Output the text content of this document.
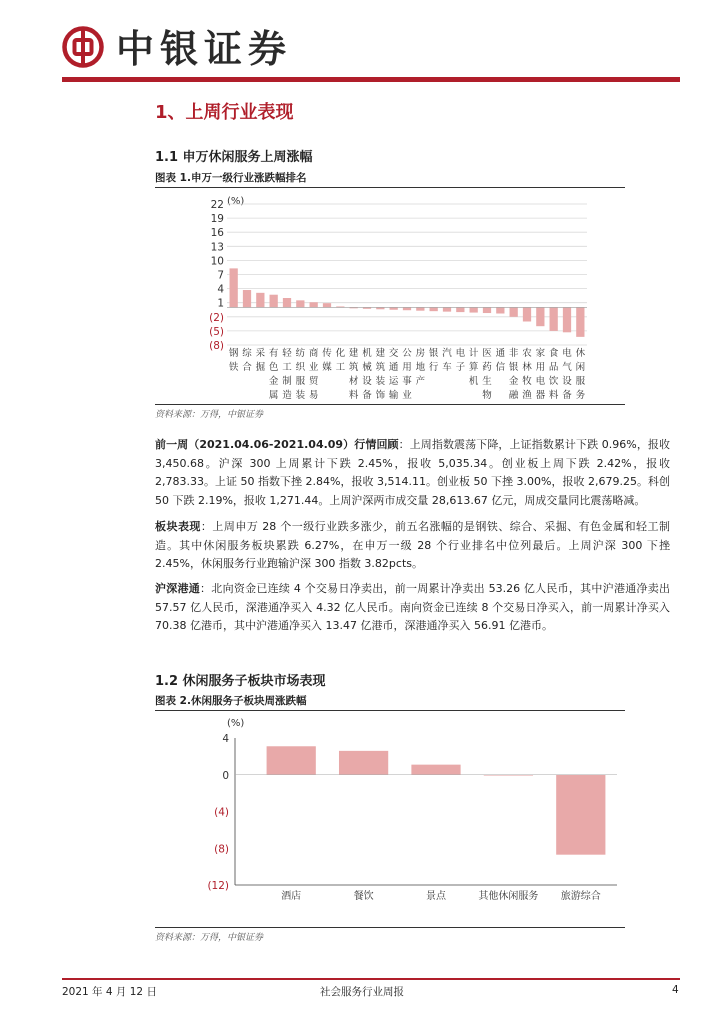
中银证券
1、上周行业表现
1.1 申万休闲服务上周涨幅
图表 1.申万一级行业涨跌幅排名
(%)
22
19
16
13
10
7
4
1
(2)
(5)
(8)
钢铁
综合
采掘
有色金属
轻工制造
纺织服装
商业贸易
传媒
化工
建筑材料
机械设备
建筑装饰
交通运输
公用事业
房地产
银行
汽车
电子
计算机
医药生物
通信
非银金融
农林牧渔
家用电器
食品饮料
电气设备
休闲服务
资料来源：万得，中银证券
前一周（2021.04.06-2021.04.09）行情回顾：上周指数震荡下降，上证指数累计下跌 0.96%，报收 3,450.68。沪深 300 上周累计下跌 2.45%，报收 5,035.34。创业板上周下跌 2.42%，报收 2,783.33。上证 50 指数下挫 2.84%，报收 3,514.11。创业板 50 下挫 3.00%，报收 2,679.25。科创 50 下跌 2.19%，报收 1,271.44。上周沪深两市成交量 28,613.67 亿元，周成交量同比震荡略减。
板块表现：上周申万 28 个一级行业跌多涨少，前五名涨幅的是钢铁、综合、采掘、有色金属和轻工制造。其中休闲服务板块累跌 6.27%，在申万一级 28 个行业排名中位列最后。上周沪深 300 下挫 2.45%，休闲服务行业跑输沪深 300 指数 3.82pcts。
沪深港通：北向资金已连续 4 个交易日净卖出，前一周累计净卖出 53.26 亿人民币，其中沪港通净卖出 57.57 亿人民币，深港通净买入 4.32 亿人民币。南向资金已连续 8 个交易日净买入，前一周累计净买入 70.38 亿港币，其中沪港通净买入 13.47 亿港币，深港通净买入 56.91 亿港币。
1.2 休闲服务子板块市场表现
图表 2.休闲服务子板块周涨跌幅
(%)
4
0
(4)
(8)
(12)
酒店	餐饮	景点	其他休闲服务 旅游综合
资料来源：万得，中银证券
2021 年 4 月 12 日	社会服务行业周报	4
